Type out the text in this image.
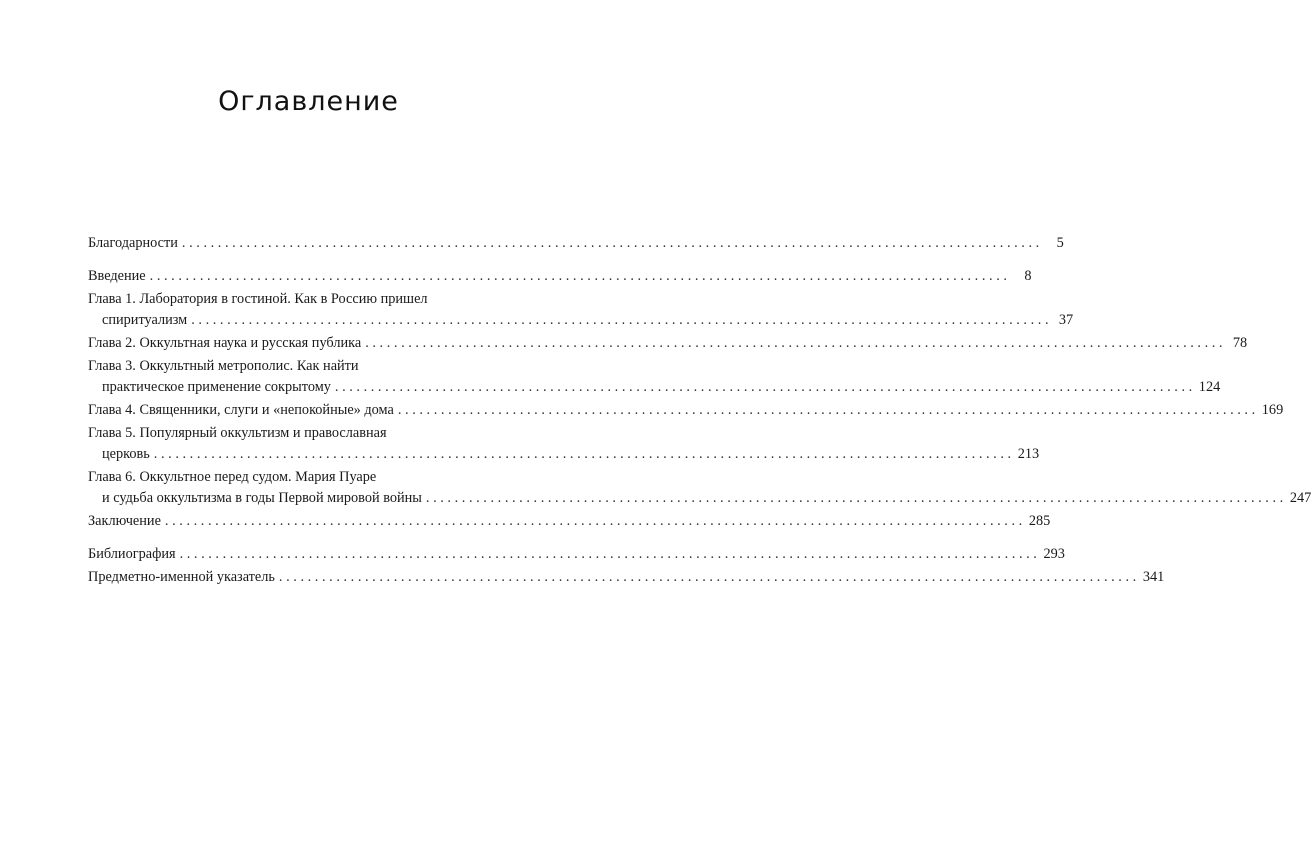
Оглавление
Благодарности ........................................................................................................................ 5
Введение ........................................................................................................................ 8
Глава 1. Лаборатория в гостиной. Как в Россию пришел
спиритуализм ........................................................................................................................ 37
Глава 2. Оккультная наука и русская публика ........................................................................................................................ 78
Глава 3. Оккультный метрополис. Как найти
практическое применение сокрытому ........................................................................................................................ 124
Глава 4. Священники, слуги и «непокойные» дома ........................................................................................................................ 169
Глава 5. Популярный оккультизм и православная
церковь ........................................................................................................................ 213
Глава 6. Оккультное перед судом. Мария Пуаре
и судьба оккультизма в годы Первой мировой войны ........................................................................................................................ 247
Заключение ........................................................................................................................ 285
Библиография ........................................................................................................................ 293
Предметно-именной указатель ........................................................................................................................ 341
